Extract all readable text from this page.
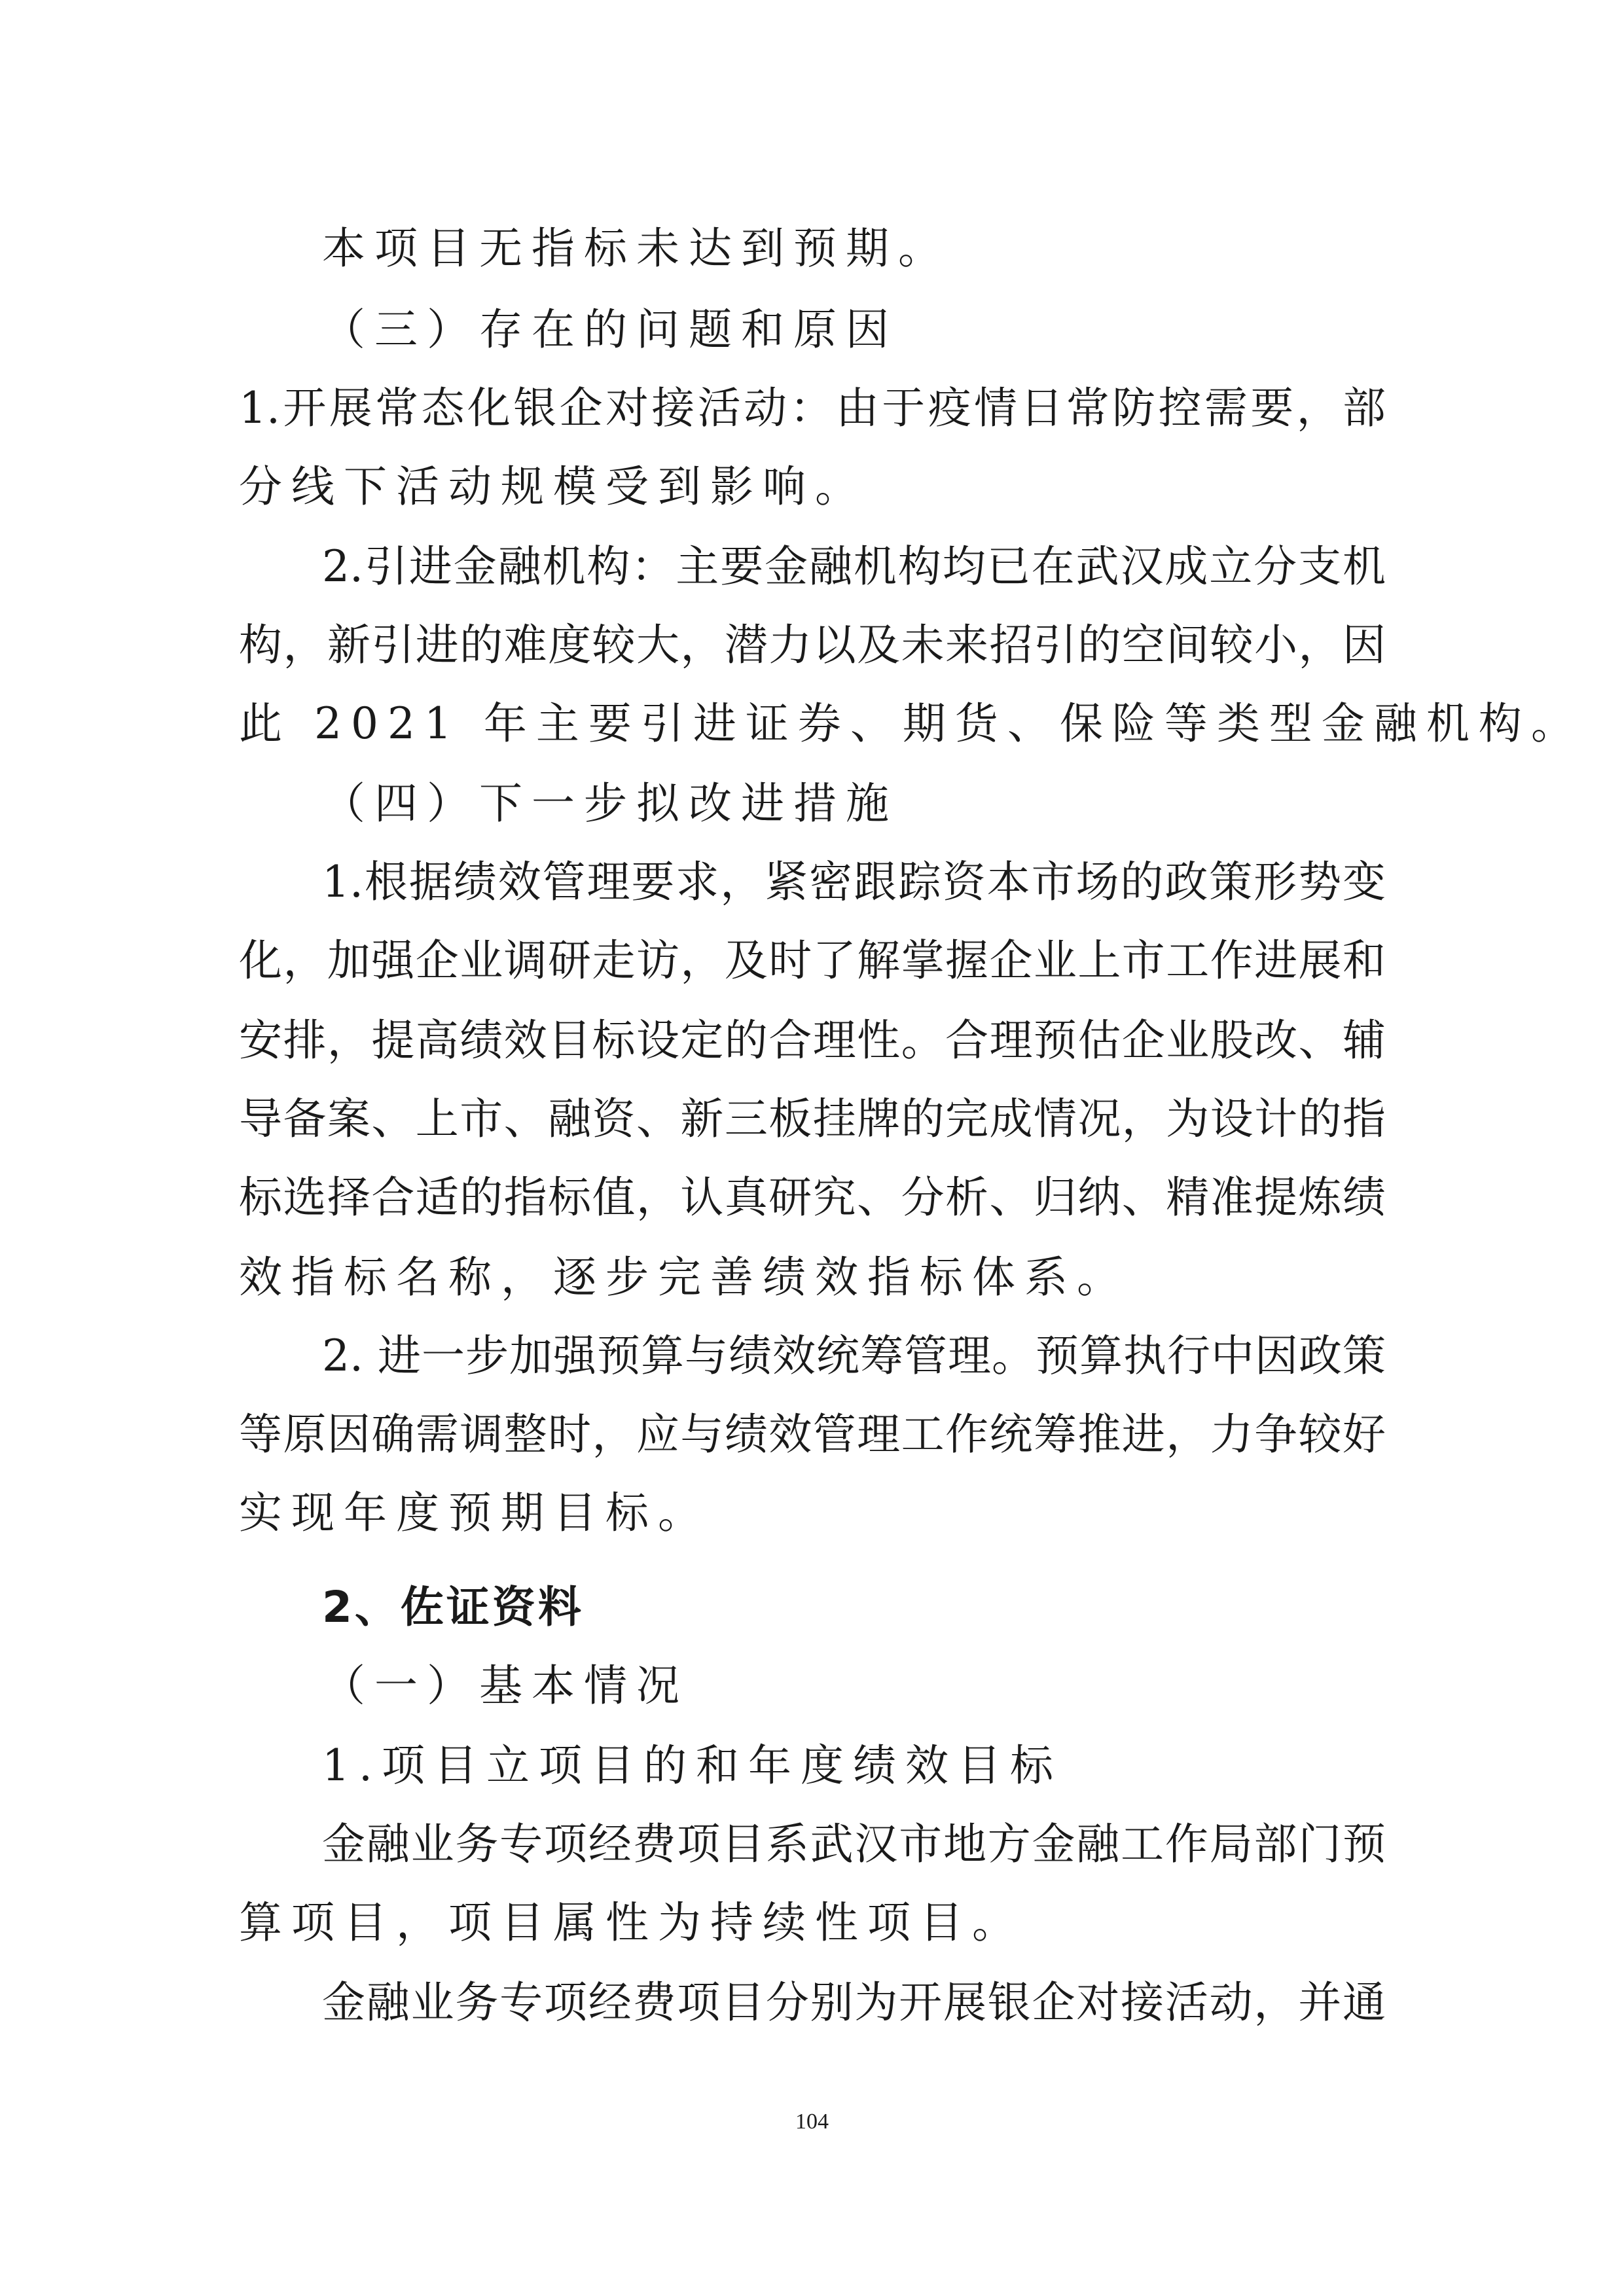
本项目无指标未达到预期。
（三）存在的问题和原因
1.开展常态化银企对接活动：由于疫情日常防控需要，部
分线下活动规模受到影响。
2.引进金融机构：主要金融机构均已在武汉成立分支机
构，新引进的难度较大，潜力以及未来招引的空间较小，因
此 2021 年主要引进证券、期货、保险等类型金融机构。
（四）下一步拟改进措施
1.根据绩效管理要求，紧密跟踪资本市场的政策形势变
化，加强企业调研走访，及时了解掌握企业上市工作进展和
安排，提高绩效目标设定的合理性。合理预估企业股改、辅
导备案、上市、融资、新三板挂牌的完成情况，为设计的指
标选择合适的指标值，认真研究、分析、归纳、精准提炼绩
效指标名称，逐步完善绩效指标体系。
2. 进一步加强预算与绩效统筹管理。预算执行中因政策
等原因确需调整时，应与绩效管理工作统筹推进，力争较好
实现年度预期目标。
2、佐证资料
（一）基本情况
1.项目立项目的和年度绩效目标
金融业务专项经费项目系武汉市地方金融工作局部门预
算项目，项目属性为持续性项目。
金融业务专项经费项目分别为开展银企对接活动，并通
104
